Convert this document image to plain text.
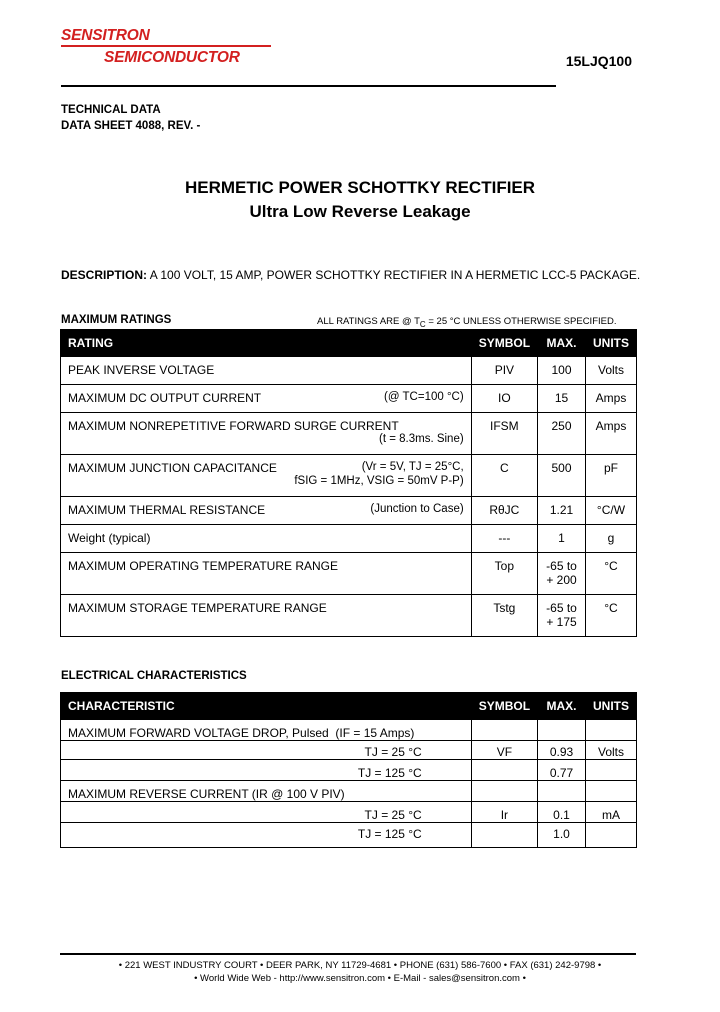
SENSITRON
SEMICONDUCTOR	15LJQ100
TECHNICAL DATA
DATA SHEET 4088, REV. -
HERMETIC POWER SCHOTTKY RECTIFIER
Ultra Low Reverse Leakage
DESCRIPTION: A 100 VOLT, 15 AMP, POWER SCHOTTKY RECTIFIER IN A HERMETIC LCC-5 PACKAGE.
MAXIMUM RATINGS	ALL RATINGS ARE @ $T_C = 25$ °C UNLESS OTHERWISE SPECIFIED.
RATING	SYMBOL	MAX.	UNITS
PEAK INVERSE VOLTAGE	PIV	100	Volts

MAXIMUM DC OUTPUT CURRENT (@ TC=100 °C)	IO	15	Amps

MAXIMUM NONREPETITIVE FORWARD SURGE CURRENT
(t = 8.3ms. Sine)	IFSM	250	Amps

MAXIMUM JUNCTION CAPACITANCE (Vr = 5V, TJ = 25°C,
fSIG = 1MHz, VSIG = 50mV P-P)	C	500	pF

MAXIMUM THERMAL RESISTANCE (Junction to Case)	RθJC	1.21	°C/W
Weight (typical)	---	1	g
MAXIMUM OPERATING TEMPERATURE RANGE	Top	-65 to
+ 200	°C
MAXIMUM STORAGE TEMPERATURE RANGE	Tstg	-65 to
+ 175	°C
ELECTRICAL CHARACTERISTICS
CHARACTERISTIC	SYMBOL	MAX.	UNITS
MAXIMUM FORWARD VOLTAGE DROP, Pulsed (IF = 15 Amps)			

TJ = 25 °C	VF	0.93	Volts

TJ = 125 °C		0.77	
MAXIMUM REVERSE CURRENT (IR @ 100 V PIV)			

TJ = 25 °C	Ir	0.1	mA

TJ = 125 °C		1.0	
• 221 WEST INDUSTRY COURT • DEER PARK, NY 11729-4681 • PHONE (631) 586-7600 • FAX (631) 242-9798 •
• World Wide Web - http://www.sensitron.com • E-Mail - sales@sensitron.com •
